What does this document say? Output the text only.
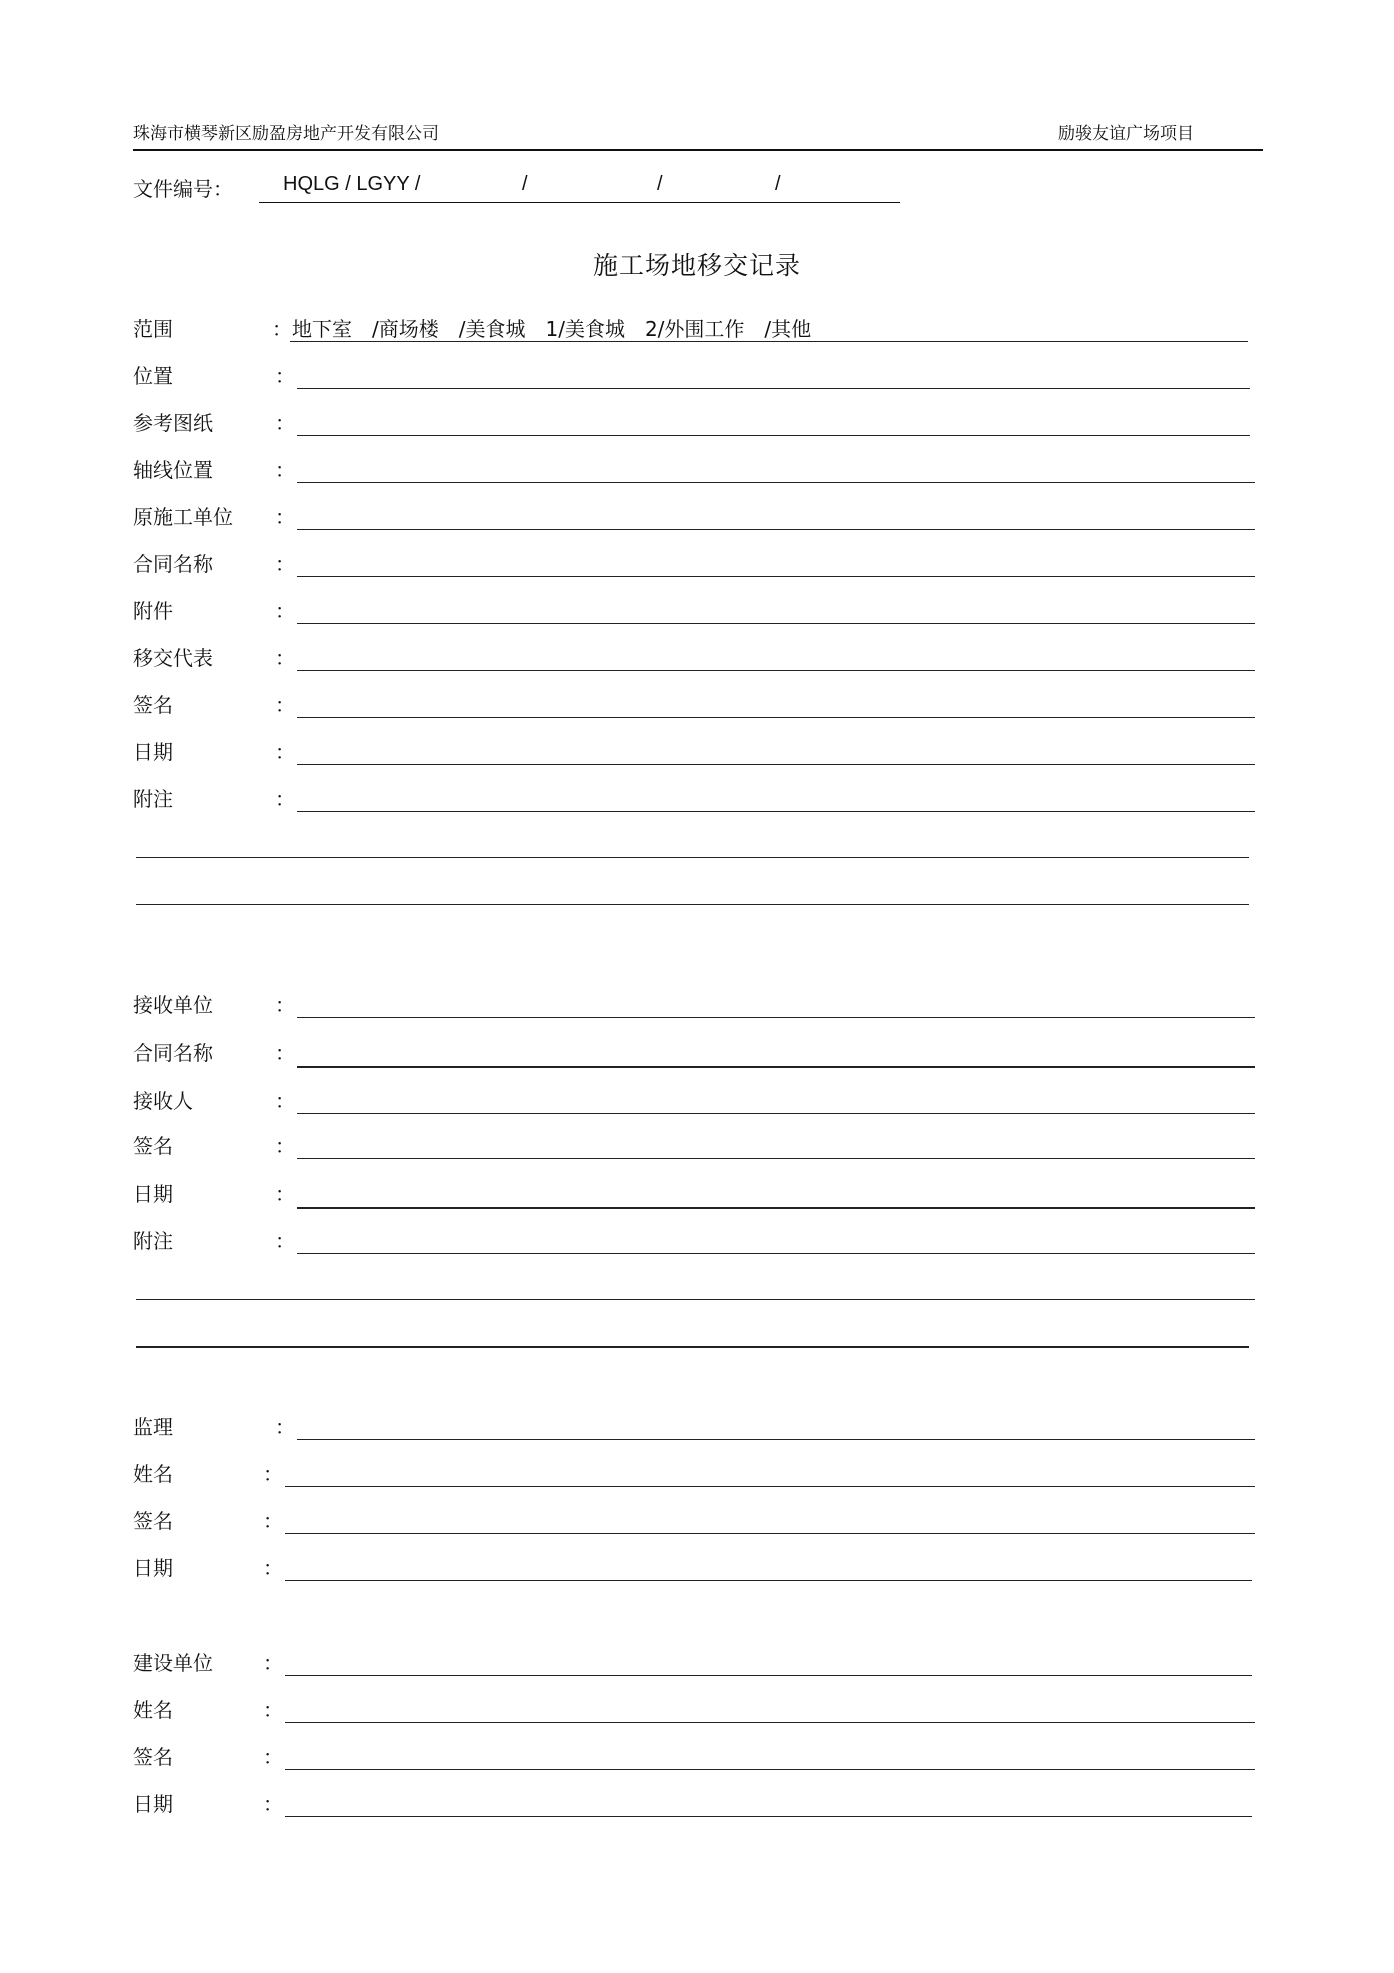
珠海市横琴新区励盈房地产开发有限公司	励骏友谊广场项目
文件编号：	HQLG / LGYY /	/	/	/
施工场地移交记录
范围	：地下室　/商场楼　/美食城　1/美食城　2/外围工作　/其他
位置	：
参考图纸	：
轴线位置	：
原施工单位 ：
合同名称	：
附件	：
移交代表	：
签名	：
日期	：
附注	：
接收单位	：
合同名称	：
接收人	：
签名	：
日期	：
附注	：
监理	：
姓名	：
签名	：
日期	：
建设单位	：
姓名	：
签名	：
日期	：
